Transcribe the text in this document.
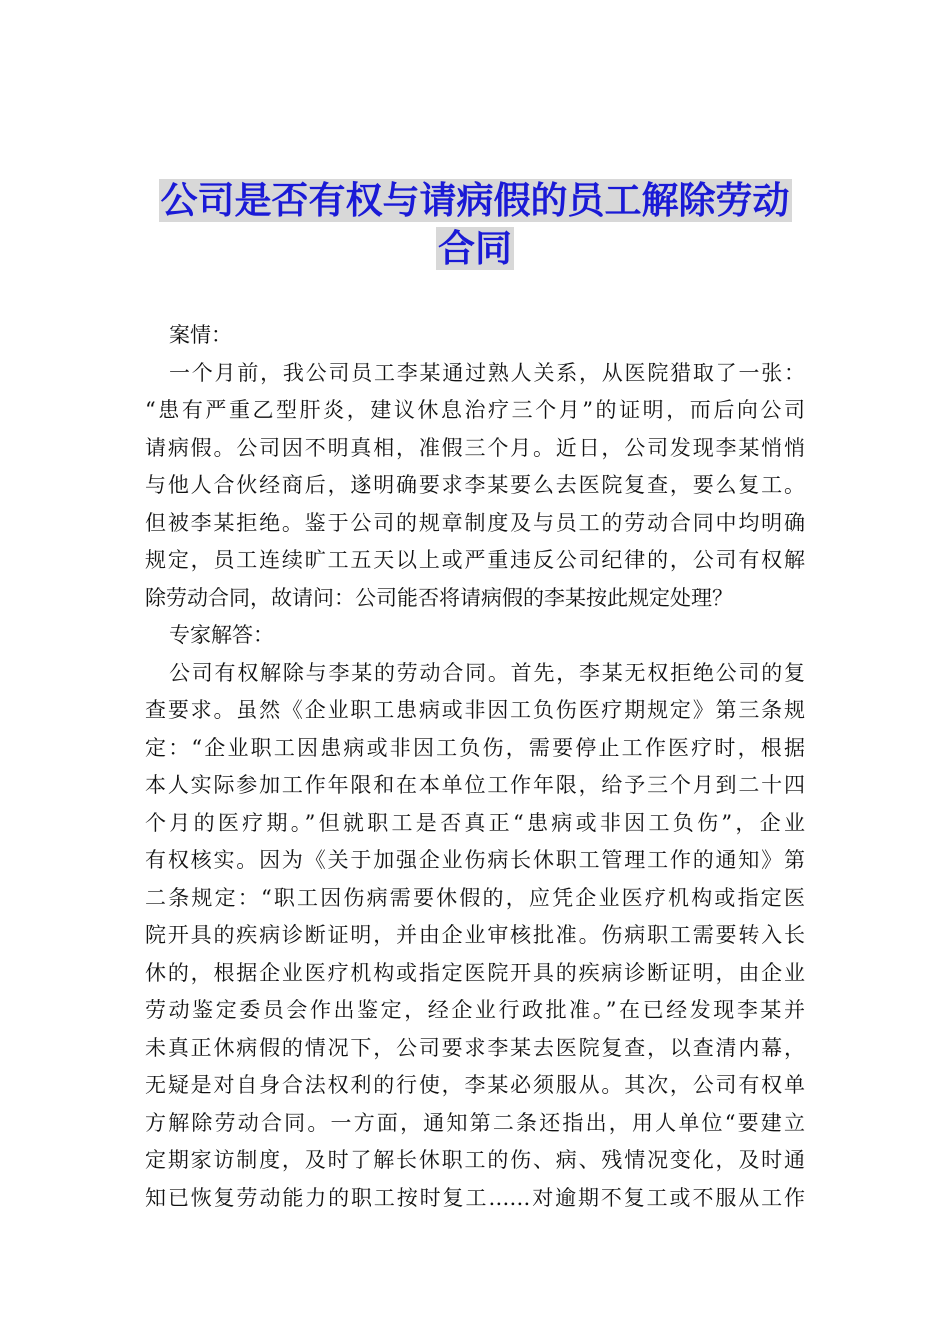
公司是否有权与请病假的员工解除劳动
合同
案情：
一个月前，我公司员工李某通过熟人关系，从医院猎取了一张：
“患有严重乙型肝炎，建议休息治疗三个月”的证明，而后向公司
请病假。公司因不明真相，准假三个月。近日，公司发现李某悄悄
与他人合伙经商后，遂明确要求李某要么去医院复查，要么复工。
但被李某拒绝。鉴于公司的规章制度及与员工的劳动合同中均明确
规定，员工连续旷工五天以上或严重违反公司纪律的，公司有权解
除劳动合同，故请问：公司能否将请病假的李某按此规定处理？
专家解答：
公司有权解除与李某的劳动合同。首先，李某无权拒绝公司的复
查要求。虽然《企业职工患病或非因工负伤医疗期规定》第三条规
定：“企业职工因患病或非因工负伤，需要停止工作医疗时，根据
本人实际参加工作年限和在本单位工作年限，给予三个月到二十四
个月的医疗期。”但就职工是否真正“患病或非因工负伤”，企业
有权核实。因为《关于加强企业伤病长休职工管理工作的通知》第
二条规定：“职工因伤病需要休假的，应凭企业医疗机构或指定医
院开具的疾病诊断证明，并由企业审核批准。伤病职工需要转入长
休的，根据企业医疗机构或指定医院开具的疾病诊断证明，由企业
劳动鉴定委员会作出鉴定，经企业行政批准。”在已经发现李某并
未真正休病假的情况下，公司要求李某去医院复查，以查清内幕，
无疑是对自身合法权利的行使，李某必须服从。其次，公司有权单
方解除劳动合同。一方面，通知第二条还指出，用人单位“要建立
定期家访制度，及时了解长休职工的伤、病、残情况变化，及时通
知已恢复劳动能力的职工按时复工……对逾期不复工或不服从工作
